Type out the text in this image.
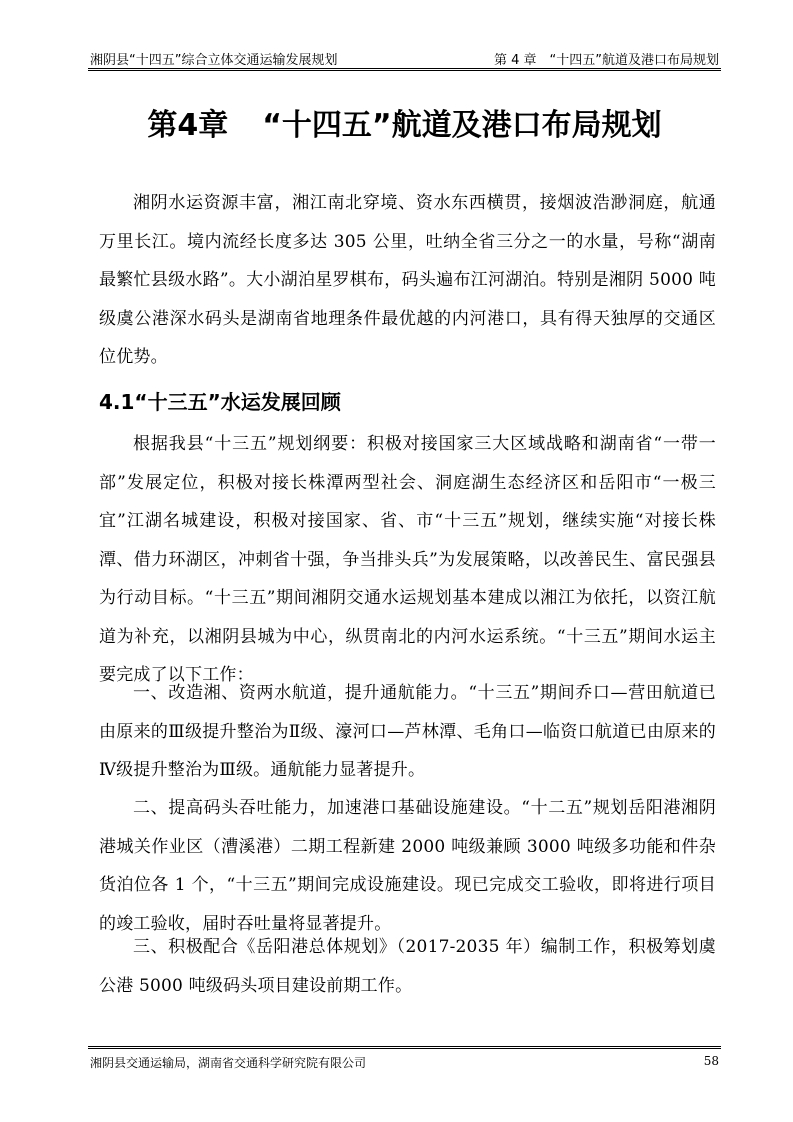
湘阴县“十四五”综合立体交通运输发展规划	第 4 章　“十四五”航道及港口布局规划
第4章 “十四五”航道及港口布局规划
湘阴水运资源丰富，湘江南北穿境、资水东西横贯，接烟波浩渺洞庭，航通万里长江。境内流经长度多达 305 公里，吐纳全省三分之一的水量，号称“湖南最繁忙县级水路”。大小湖泊星罗棋布，码头遍布江河湖泊。特别是湘阴 5000 吨级虞公港深水码头是湖南省地理条件最优越的内河港口，具有得天独厚的交通区位优势。
4.1“十三五”水运发展回顾
根据我县“十三五”规划纲要：积极对接国家三大区域战略和湖南省“一带一部”发展定位，积极对接长株潭两型社会、洞庭湖生态经济区和岳阳市“一极三宜”江湖名城建设，积极对接国家、省、市“十三五”规划，继续实施“对接长株潭、借力环湖区，冲刺省十强，争当排头兵”为发展策略，以改善民生、富民强县为行动目标。“十三五”期间湘阴交通水运规划基本建成以湘江为依托，以资江航道为补充，以湘阴县城为中心，纵贯南北的内河水运系统。“十三五”期间水运主要完成了以下工作：
一、改造湘、资两水航道，提升通航能力。“十三五”期间乔口—营田航道已由原来的Ⅲ级提升整治为Ⅱ级、濠河口—芦林潭、毛角口—临资口航道已由原来的Ⅳ级提升整治为Ⅲ级。通航能力显著提升。
二、提高码头吞吐能力，加速港口基础设施建设。“十二五”规划岳阳港湘阴港城关作业区（漕溪港）二期工程新建 2000 吨级兼顾 3000 吨级多功能和件杂货泊位各 1 个，“十三五”期间完成设施建设。现已完成交工验收，即将进行项目的竣工验收，届时吞吐量将显著提升。
三、积极配合《岳阳港总体规划》（2017-2035 年）编制工作，积极筹划虞公港 5000 吨级码头项目建设前期工作。
湘阴县交通运输局，湖南省交通科学研究院有限公司	58
